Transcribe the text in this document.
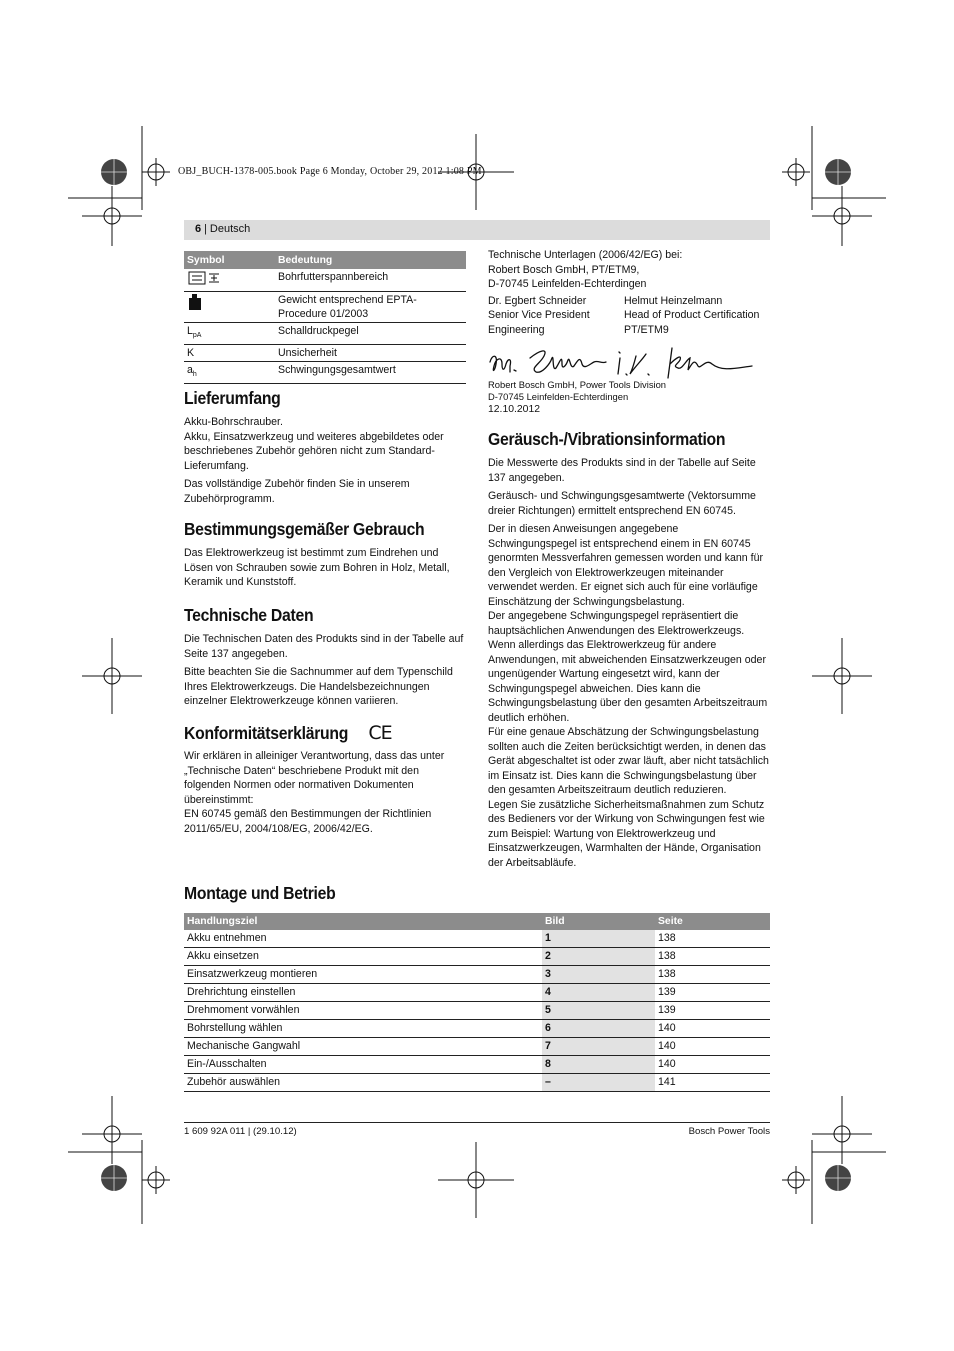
OBJ_BUCH-1378-005.book Page 6 Monday, October 29, 2012 1:08 PM
6 | Deutsch
Symbol	Bedeutung
	Bohrfutterspannbereich
	Gewicht entsprechend EPTA-Procedure 01/2003
$L_{pA}$	Schalldruckpegel
K	Unsicherheit
$a_h$	Schwingungsgesamtwert
Lieferumfang

Akku-Bohrschrauber.

Akku, Einsatzwerkzeug und weiteres abgebildetes oder beschriebenes Zubehör gehören nicht zum Standard-Lieferumfang.

Das vollständige Zubehör finden Sie in unserem Zubehörprogramm.

Bestimmungsgemäßer Gebrauch

Das Elektrowerkzeug ist bestimmt zum Eindrehen und Lösen von Schrauben sowie zum Bohren in Holz, Metall, Keramik und Kunststoff.

Technische Daten

Die Technischen Daten des Produkts sind in der Tabelle auf Seite 137 angegeben.

Bitte beachten Sie die Sachnummer auf dem Typenschild Ihres Elektrowerkzeugs. Die Handelsbezeichnungen einzelner Elektrowerkzeuge können variieren.

Konformitätserklärung CE

Wir erklären in alleiniger Verantwortung, dass das unter „Technische Daten“ beschriebene Produkt mit den folgenden Normen oder normativen Dokumenten übereinstimmt:

EN 60745 gemäß den Bestimmungen der Richtlinien 2011/65/EU, 2004/108/EG, 2006/42/EG.

Technische Unterlagen (2006/42/EG) bei:
Robert Bosch GmbH, PT/ETM9,
D-70745 Leinfelden-Echterdingen
Dr. Egbert Schneider
Senior Vice President
Engineering
Helmut Heinzelmann
Head of Product Certification
PT/ETM9
Robert Bosch GmbH, Power Tools Division
D-70745 Leinfelden-Echterdingen
12.10.2012
Geräusch-/Vibrationsinformation

Die Messwerte des Produkts sind in der Tabelle auf Seite 137 angegeben.

Geräusch- und Schwingungsgesamtwerte (Vektorsumme dreier Richtungen) ermittelt entsprechend EN 60745.

Der in diesen Anweisungen angegebene Schwingungspegel ist entsprechend einem in EN 60745 genormten Messverfahren gemessen worden und kann für den Vergleich von Elektrowerkzeugen miteinander verwendet werden. Er eignet sich auch für eine vorläufige Einschätzung der Schwingungsbelastung.

Der angegebene Schwingungspegel repräsentiert die hauptsächlichen Anwendungen des Elektrowerkzeugs. Wenn allerdings das Elektrowerkzeug für andere Anwendungen, mit abweichenden Einsatzwerkzeugen oder ungenügender Wartung eingesetzt wird, kann der Schwingungspegel abweichen. Dies kann die Schwingungsbelastung über den gesamten Arbeitszeitraum deutlich erhöhen.

Für eine genaue Abschätzung der Schwingungsbelastung sollten auch die Zeiten berücksichtigt werden, in denen das Gerät abgeschaltet ist oder zwar läuft, aber nicht tatsächlich im Einsatz ist. Dies kann die Schwingungsbelastung über den gesamten Arbeitszeitraum deutlich reduzieren.

Legen Sie zusätzliche Sicherheitsmaßnahmen zum Schutz des Bedieners vor der Wirkung von Schwingungen fest wie zum Beispiel: Wartung von Elektrowerkzeug und Einsatzwerkzeugen, Warmhalten der Hände, Organisation der Arbeitsabläufe.

Montage und Betrieb
Handlungsziel	Bild	Seite
Akku entnehmen	1	138
Akku einsetzen	2	138
Einsatzwerkzeug montieren	3	138
Drehrichtung einstellen	4	139
Drehmoment vorwählen	5	139
Bohrstellung wählen	6	140
Mechanische Gangwahl	7	140
Ein-/Ausschalten	8	140
Zubehör auswählen	–	141
1 609 92A 011 | (29.10.12)	Bosch Power Tools
